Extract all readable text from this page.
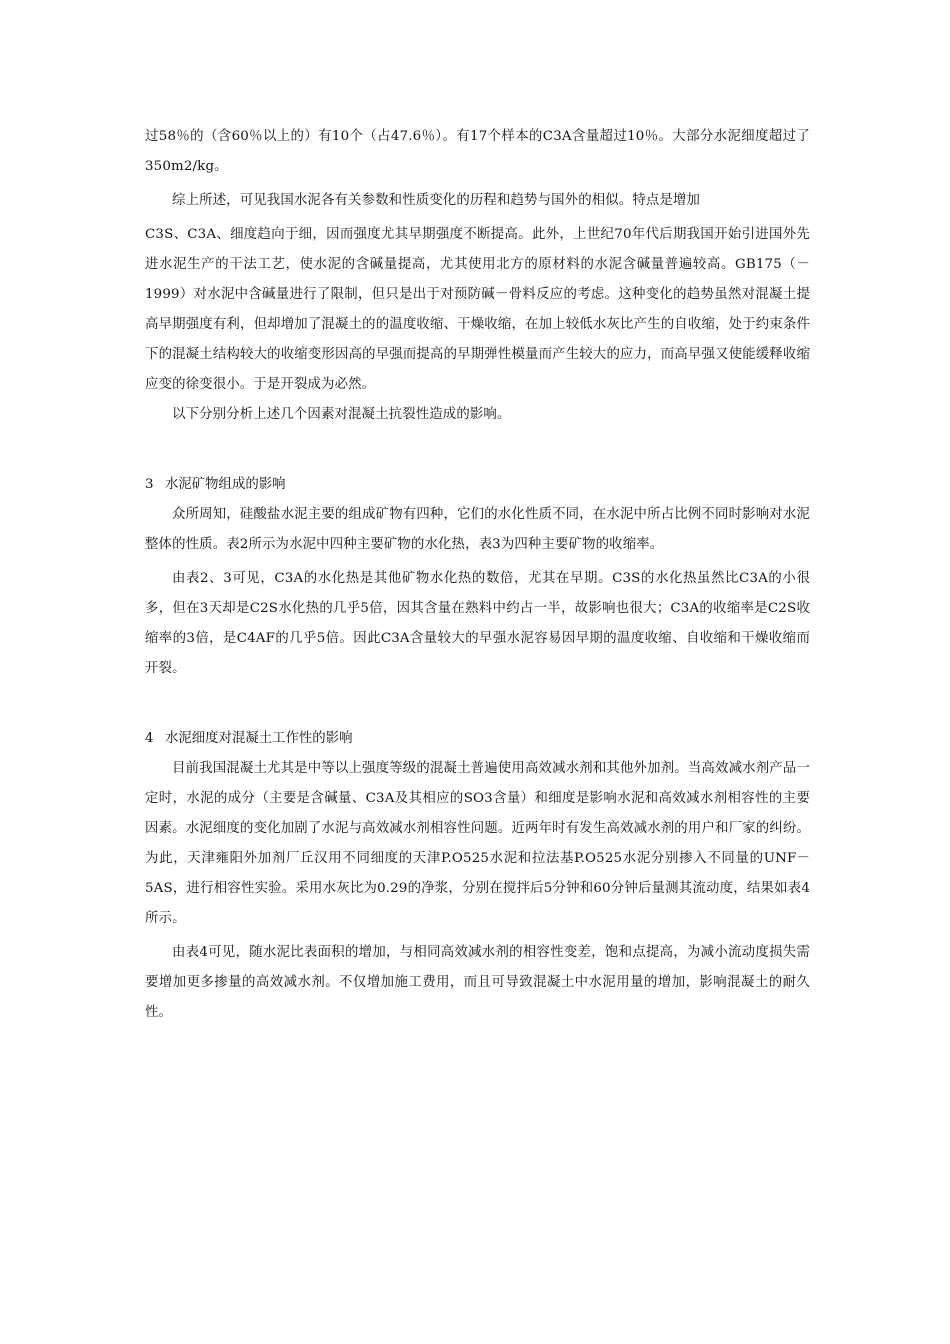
过58％的（含60％以上的）有10个（占47.6％）。有17个样本的C3A含量超过10％。大部分水泥细度超过了350m2/kg。

综上所述，可见我国水泥各有关参数和性质变化的历程和趋势与国外的相似。特点是增加

C3S、C3A、细度趋向于细，因而强度尤其早期强度不断提高。此外，上世纪70年代后期我国开始引进国外先进水泥生产的干法工艺，使水泥的含碱量提高，尤其使用北方的原材料的水泥含碱量普遍较高。GB175（－1999）对水泥中含碱量进行了限制，但只是出于对预防碱－骨料反应的考虑。这种变化的趋势虽然对混凝土提高早期强度有利，但却增加了混凝土的的温度收缩、干燥收缩，在加上较低水灰比产生的自收缩，处于约束条件下的混凝土结构较大的收缩变形因高的早强而提高的早期弹性模量而产生较大的应力，而高早强又使能缓释收缩应变的徐变很小。于是开裂成为必然。

以下分别分析上述几个因素对混凝土抗裂性造成的影响。

3 水泥矿物组成的影响

众所周知，硅酸盐水泥主要的组成矿物有四种，它们的水化性质不同，在水泥中所占比例不同时影响对水泥整体的性质。表2所示为水泥中四种主要矿物的水化热，表3为四种主要矿物的收缩率。

由表2、3可见，C3A的水化热是其他矿物水化热的数倍，尤其在早期。C3S的水化热虽然比C3A的小很多，但在3天却是C2S水化热的几乎5倍，因其含量在熟料中约占一半，故影响也很大；C3A的收缩率是C2S收缩率的3倍，是C4AF的几乎5倍。因此C3A含量较大的早强水泥容易因早期的温度收缩、自收缩和干燥收缩而开裂。

4 水泥细度对混凝土工作性的影响

目前我国混凝土尤其是中等以上强度等级的混凝土普遍使用高效减水剂和其他外加剂。当高效减水剂产品一定时，水泥的成分（主要是含碱量、C3A及其相应的SO3含量）和细度是影响水泥和高效减水剂相容性的主要因素。水泥细度的变化加剧了水泥与高效减水剂相容性问题。近两年时有发生高效减水剂的用户和厂家的纠纷。为此，天津雍阳外加剂厂丘汉用不同细度的天津P.O525水泥和拉法基P.O525水泥分别掺入不同量的UNF－5AS，进行相容性实验。采用水灰比为0.29的净浆，分别在搅拌后5分钟和60分钟后量测其流动度，结果如表4所示。

由表4可见，随水泥比表面积的增加，与相同高效减水剂的相容性变差，饱和点提高，为减小流动度损失需要增加更多掺量的高效减水剂。不仅增加施工费用，而且可导致混凝土中水泥用量的增加，影响混凝土的耐久性。
